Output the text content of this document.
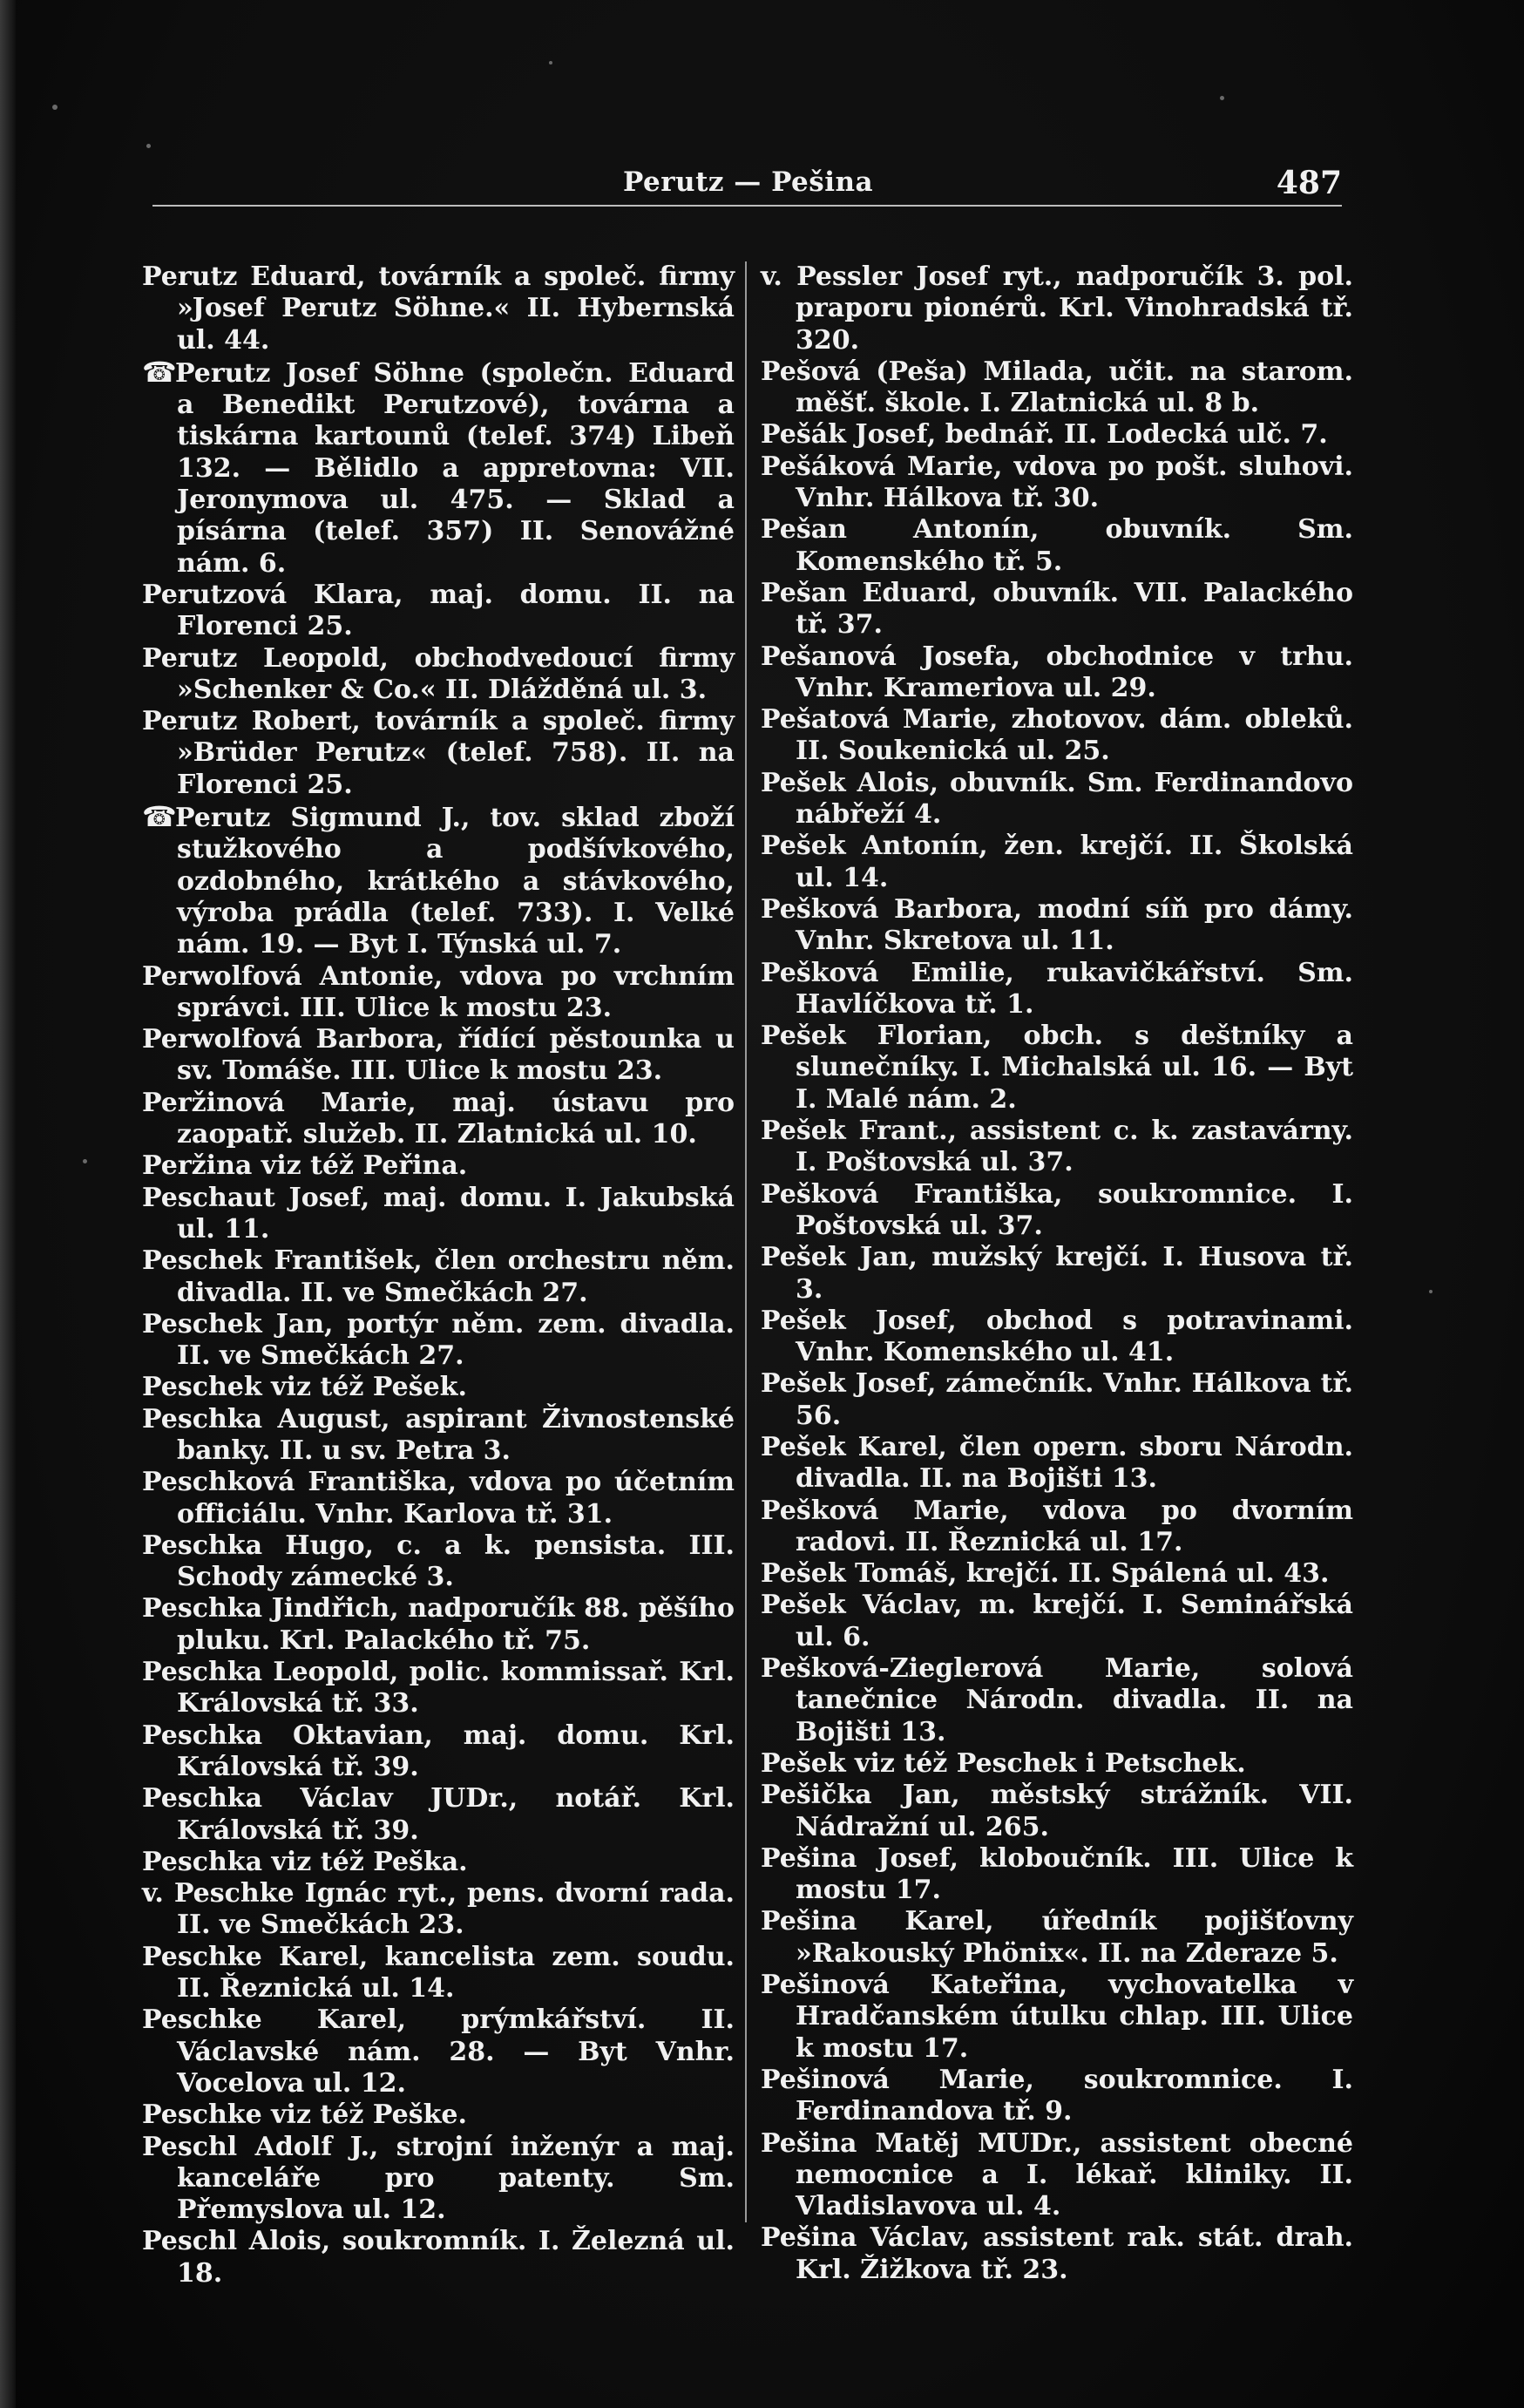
Perutz — Pešina	487

Perutz Eduard, továrník a společ. firmy »Josef Perutz Söhne.« II. Hybernská ul. 44.

☎ Perutz Josef Söhne (společn. Eduard a Benedikt Perutzové), továrna a tiskárna kartounů (telef. 374) Libeň 132. — Bělidlo a appretovna: VII. Jeronymova ul. 475. — Sklad a písárna (telef. 357) II. Senovážné nám. 6.

Perutzová Klara, maj. domu. II. na Florenci 25.

Perutz Leopold, obchodvedoucí firmy »Schenker & Co.« II. Dlážděná ul. 3.

Perutz Robert, továrník a společ. firmy »Brüder Perutz« (telef. 758). II. na Florenci 25.

☎ Perutz Sigmund J., tov. sklad zboží stužkového a podšívkového, ozdobného, krátkého a stávkového, výroba prádla (telef. 733). I. Velké nám. 19. — Byt I. Týnská ul. 7.

Perwolfová Antonie, vdova po vrchním správci. III. Ulice k mostu 23.

Perwolfová Barbora, řídící pěstounka u sv. Tomáše. III. Ulice k mostu 23.

Peržinová Marie, maj. ústavu pro zaopatř. služeb. II. Zlatnická ul. 10.

Peržina viz též Peřina.

Peschaut Josef, maj. domu. I. Jakubská ul. 11.

Peschek František, člen orchestru něm. divadla. II. ve Smečkách 27.

Peschek Jan, portýr něm. zem. divadla. II. ve Smečkách 27.

Peschek viz též Pešek.

Peschka August, aspirant Živnostenské banky. II. u sv. Petra 3.

Peschková Františka, vdova po účetním officiálu. Vnhr. Karlova tř. 31.

Peschka Hugo, c. a k. pensista. III. Schody zámecké 3.

Peschka Jindřich, nadporučík 88. pěšího pluku. Krl. Palackého tř. 75.

Peschka Leopold, polic. kommissař. Krl. Královská tř. 33.

Peschka Oktavian, maj. domu. Krl. Královská tř. 39.

Peschka Václav JUDr., notář. Krl. Královská tř. 39.

Peschka viz též Peška.

v. Peschke Ignác ryt., pens. dvorní rada. II. ve Smečkách 23.

Peschke Karel, kancelista zem. soudu. II. Řeznická ul. 14.

Peschke Karel, prýmkářství. II. Václavské nám. 28. — Byt Vnhr. Vocelova ul. 12.

Peschke viz též Peške.

Peschl Adolf J., strojní inženýr a maj. kanceláře pro patenty. Sm. Přemyslova ul. 12.

Peschl Alois, soukromník. I. Železná ul. 18.

v. Pessler Josef ryt., nadporučík 3. pol. praporu pionérů. Krl. Vinohradská tř. 320.

Pešová (Peša) Milada, učit. na starom. měšť. škole. I. Zlatnická ul. 8 b.

Pešák Josef, bednář. II. Lodecká ulč. 7.

Pešáková Marie, vdova po pošt. sluhovi. Vnhr. Hálkova tř. 30.

Pešan Antonín, obuvník. Sm. Komenského tř. 5.

Pešan Eduard, obuvník. VII. Palackého tř. 37.

Pešanová Josefa, obchodnice v trhu. Vnhr. Krameriova ul. 29.

Pešatová Marie, zhotovov. dám. obleků. II. Soukenická ul. 25.

Pešek Alois, obuvník. Sm. Ferdinandovo nábřeží 4.

Pešek Antonín, žen. krejčí. II. Školská ul. 14.

Pešková Barbora, modní síň pro dámy. Vnhr. Skretova ul. 11.

Pešková Emilie, rukavičkářství. Sm. Havlíčkova tř. 1.

Pešek Florian, obch. s deštníky a slunečníky. I. Michalská ul. 16. — Byt I. Malé nám. 2.

Pešek Frant., assistent c. k. zastavárny. I. Poštovská ul. 37.

Pešková Františka, soukromnice. I. Poštovská ul. 37.

Pešek Jan, mužský krejčí. I. Husova tř. 3.

Pešek Josef, obchod s potravinami. Vnhr. Komenského ul. 41.

Pešek Josef, zámečník. Vnhr. Hálkova tř. 56.

Pešek Karel, člen opern. sboru Národn. divadla. II. na Bojišti 13.

Pešková Marie, vdova po dvorním radovi. II. Řeznická ul. 17.

Pešek Tomáš, krejčí. II. Spálená ul. 43.

Pešek Václav, m. krejčí. I. Seminářská ul. 6.

Pešková-Zieglerová Marie, solová tanečnice Národn. divadla. II. na Bojišti 13.

Pešek viz též Peschek i Petschek.

Pešička Jan, městský strážník. VII. Nádražní ul. 265.

Pešina Josef, kloboučník. III. Ulice k mostu 17.

Pešina Karel, úředník pojišťovny »Rakouský Phönix«. II. na Zderaze 5.

Pešinová Kateřina, vychovatelka v Hradčanském útulku chlap. III. Ulice k mostu 17.

Pešinová Marie, soukromnice. I. Ferdinandova tř. 9.

Pešina Matěj MUDr., assistent obecné nemocnice a I. lékař. kliniky. II. Vladislavova ul. 4.

Pešina Václav, assistent rak. stát. drah. Krl. Žižkova tř. 23.
